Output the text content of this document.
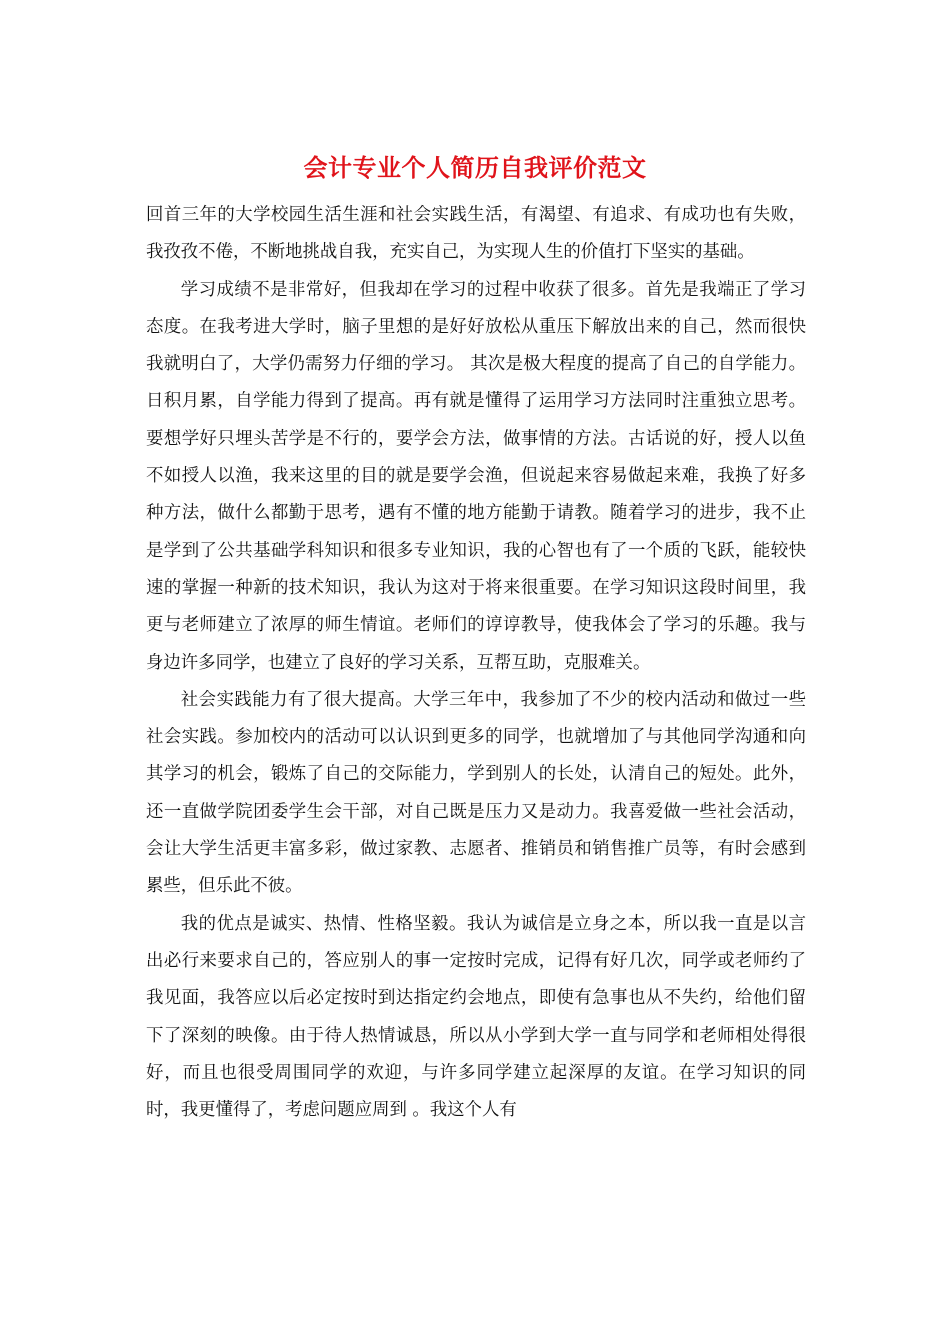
会计专业个人简历自我评价范文

回首三年的大学校园生活生涯和社会实践生活，有渴望、有追求、有成功也有失败，我孜孜不倦，不断地挑战自我，充实自己，为实现人生的价值打下坚实的基础。

学习成绩不是非常好，但我却在学习的过程中收获了很多。首先是我端正了学习态度。在我考进大学时，脑子里想的是好好放松从重压下解放出来的自己，然而很快我就明白了，大学仍需努力仔细的学习。 其次是极大程度的提高了自己的自学能力。日积月累，自学能力得到了提高。再有就是懂得了运用学习方法同时注重独立思考。要想学好只埋头苦学是不行的，要学会方法，做事情的方法。古话说的好，授人以鱼不如授人以渔，我来这里的目的就是要学会渔，但说起来容易做起来难，我换了好多种方法，做什么都勤于思考，遇有不懂的地方能勤于请教。随着学习的进步，我不止是学到了公共基础学科知识和很多专业知识，我的心智也有了一个质的飞跃，能较快速的掌握一种新的技术知识，我认为这对于将来很重要。在学习知识这段时间里，我更与老师建立了浓厚的师生情谊。老师们的谆谆教导，使我体会了学习的乐趣。我与身边许多同学，也建立了良好的学习关系，互帮互助，克服难关。

社会实践能力有了很大提高。大学三年中，我参加了不少的校内活动和做过一些社会实践。参加校内的活动可以认识到更多的同学，也就增加了与其他同学沟通和向其学习的机会，锻炼了自己的交际能力，学到别人的长处，认清自己的短处。此外，还一直做学院团委学生会干部，对自己既是压力又是动力。我喜爱做一些社会活动，会让大学生活更丰富多彩，做过家教、志愿者、推销员和销售推广员等，有时会感到累些，但乐此不彼。

我的优点是诚实、热情、性格坚毅。我认为诚信是立身之本，所以我一直是以言出必行来要求自己的，答应别人的事一定按时完成，记得有好几次，同学或老师约了我见面，我答应以后必定按时到达指定约会地点，即使有急事也从不失约，给他们留下了深刻的映像。由于待人热情诚恳，所以从小学到大学一直与同学和老师相处得很好，而且也很受周围同学的欢迎，与许多同学建立起深厚的友谊。在学习知识的同时，我更懂得了，考虑问题应周到 。我这个人有
